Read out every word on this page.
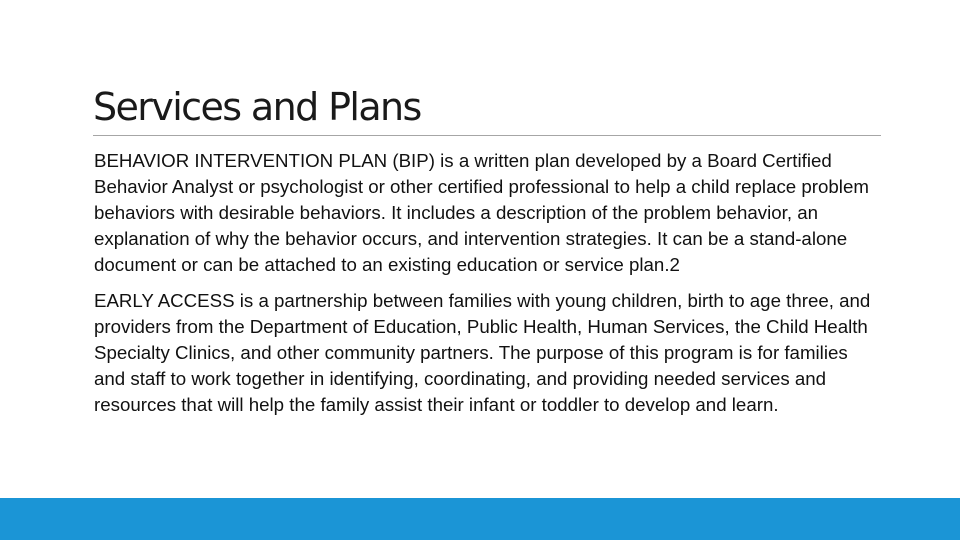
Services and Plans

BEHAVIOR INTERVENTION PLAN (BIP) is a written plan developed by a Board Certified Behavior Analyst or psychologist or other certified professional to help a child replace problem behaviors with desirable behaviors. It includes a description of the problem behavior, an explanation of why the behavior occurs, and intervention strategies. It can be a stand-alone document or can be attached to an existing education or service plan.2

EARLY ACCESS is a partnership between families with young children, birth to age three, and providers from the Department of Education, Public Health, Human Services, the Child Health Specialty Clinics, and other community partners. The purpose of this program is for families and staff to work together in identifying, coordinating, and providing needed services and resources that will help the family assist their infant or toddler to develop and learn.
